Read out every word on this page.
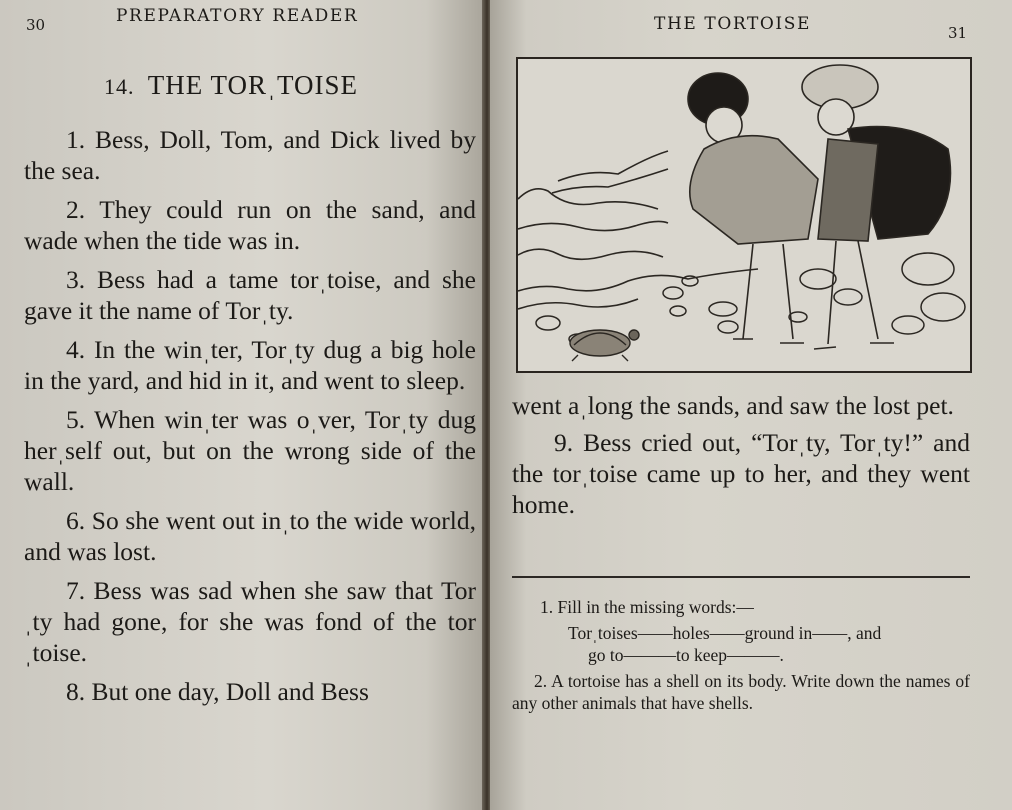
30	PREPARATORY READER
14. THE TORˌTOISE

1. Bess, Doll, Tom, and Dick lived by the sea.

2. They could run on the sand, and wade when the tide was in.

3. Bess had a tame torˌtoise, and she gave it the name of Torˌty.

4. In the winˌter, Torˌty dug a big hole in the yard, and hid in it, and went to sleep.

5. When winˌter was oˌver, Torˌty dug herˌself out, but on the wrong side of the wall.

6. So she went out inˌto the wide world, and was lost.

7. Bess was sad when she saw that Torˌty had gone, for she was fond of the torˌtoise.

8. But one day, Doll and Bess

THE TORTOISE	31

went aˌlong the sands, and saw the lost pet.

9. Bess cried out, “Torˌty, Torˌty!” and the torˌtoise came up to her, and they went home.

1. Fill in the missing words:—

Torˌtoises——holes——ground in——, and

go to———to keep———.

2. A tortoise has a shell on its body. Write down the names of any other animals that have shells.
